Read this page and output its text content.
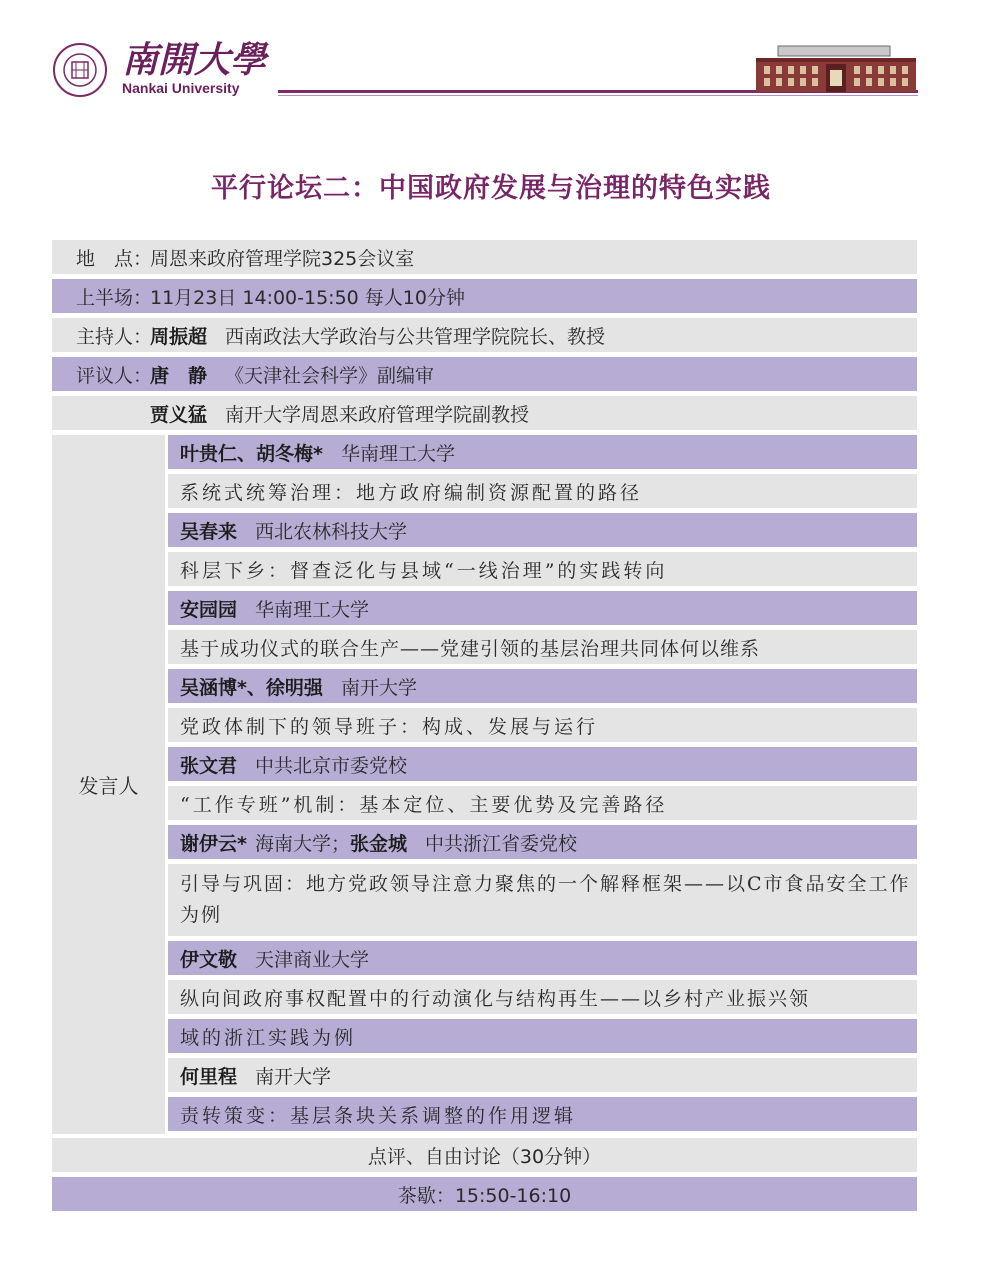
南開大學
Nankai University
平行论坛二：中国政府发展与治理的特色实践
地　点：
周恩来政府管理学院325会议室
上半场：
11月23日 14:00-15:50 每人10分钟
主持人：
周振超 西南政法大学政治与公共管理学院院长、教授
评议人：
唐　静 《天津社会科学》副编审
贾义猛 南开大学周恩来政府管理学院副教授
发言人
叶贵仁、胡冬梅* 华南理工大学
系统式统筹治理：地方政府编制资源配置的路径
吴春来 西北农林科技大学
科层下乡：督查泛化与县域“一线治理”的实践转向
安园园 华南理工大学
基于成功仪式的联合生产——党建引领的基层治理共同体何以维系
吴涵博*、徐明强 南开大学
党政体制下的领导班子：构成、发展与运行
张文君 中共北京市委党校
“工作专班”机制：基本定位、主要优势及完善路径
谢伊云* 海南大学； 张金城 中共浙江省委党校
引导与巩固：地方党政领导注意力聚焦的一个解释框架——以C市食品安全工作为例
伊文敬 天津商业大学
纵向间政府事权配置中的行动演化与结构再生——以乡村产业振兴领
域的浙江实践为例
何里程 南开大学
责转策变：基层条块关系调整的作用逻辑
点评、自由讨论（30分钟）
茶歇：15:50-16:10
